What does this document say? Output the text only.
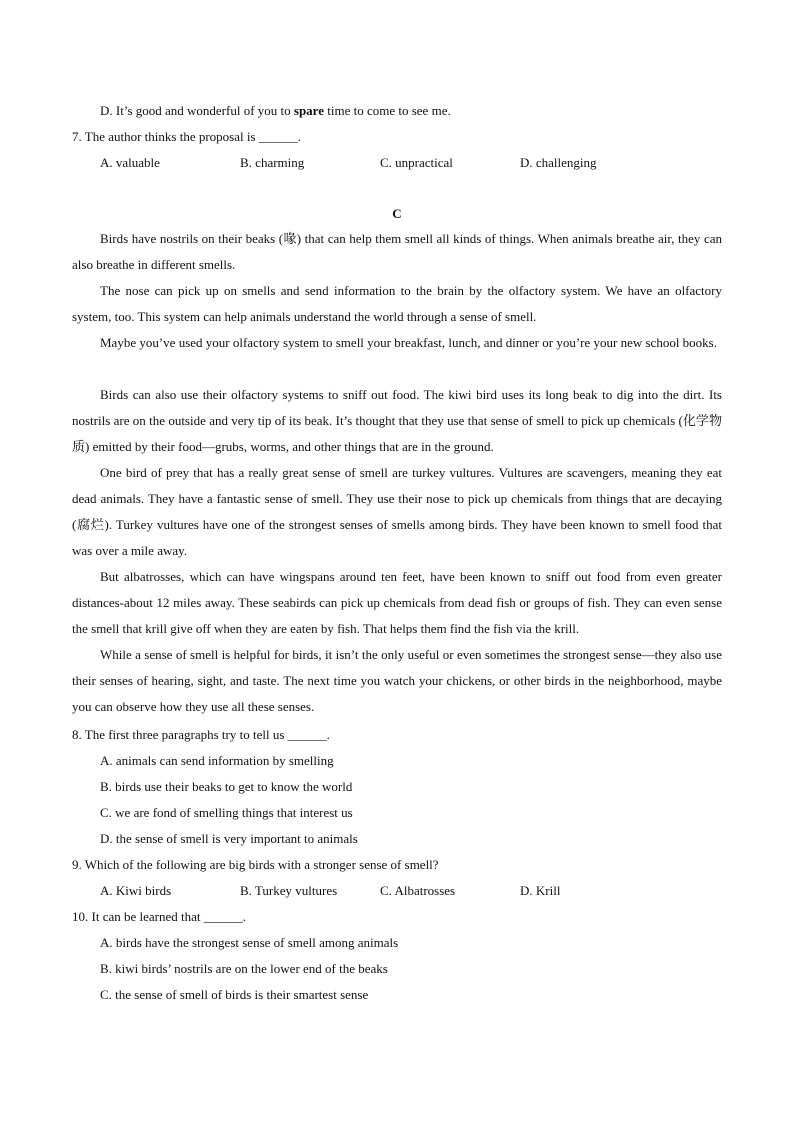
D. It’s good and wonderful of you to spare time to come to see me.
7. The author thinks the proposal is ______.
A. valuable	B. charming	C. unpractical	D. challenging
C

Birds have nostrils on their beaks (喙) that can help them smell all kinds of things. When animals breathe air, they can also breathe in different smells.

The nose can pick up on smells and send information to the brain by the olfactory system. We have an olfactory system, too. This system can help animals understand the world through a sense of smell.

Maybe you’ve used your olfactory system to smell your breakfast, lunch, and dinner or you’re your new school books.

Birds can also use their olfactory systems to sniff out food. The kiwi bird uses its long beak to dig into the dirt. Its nostrils are on the outside and very tip of its beak. It’s thought that they use that sense of smell to pick up chemicals (化学物质) emitted by their food—grubs, worms, and other things that are in the ground.

One bird of prey that has a really great sense of smell are turkey vultures. Vultures are scavengers, meaning they eat dead animals. They have a fantastic sense of smell. They use their nose to pick up chemicals from things that are decaying (腐烂). Turkey vultures have one of the strongest senses of smells among birds. They have been known to smell food that was over a mile away.

But albatrosses, which can have wingspans around ten feet, have been known to sniff out food from even greater distances-about 12 miles away. These seabirds can pick up chemicals from dead fish or groups of fish. They can even sense the smell that krill give off when they are eaten by fish. That helps them find the fish via the krill.

While a sense of smell is helpful for birds, it isn’t the only useful or even sometimes the strongest sense—they also use their senses of hearing, sight, and taste. The next time you watch your chickens, or other birds in the neighborhood, maybe you can observe how they use all these senses.

8. The first three paragraphs try to tell us ______.
A. animals can send information by smelling
B. birds use their beaks to get to know the world
C. we are fond of smelling things that interest us
D. the sense of smell is very important to animals
9. Which of the following are big birds with a stronger sense of smell?
A. Kiwi birds	B. Turkey vultures	C. Albatrosses	D. Krill
10. It can be learned that ______.
A. birds have the strongest sense of smell among animals
B. kiwi birds’ nostrils are on the lower end of the beaks
C. the sense of smell of birds is their smartest sense
